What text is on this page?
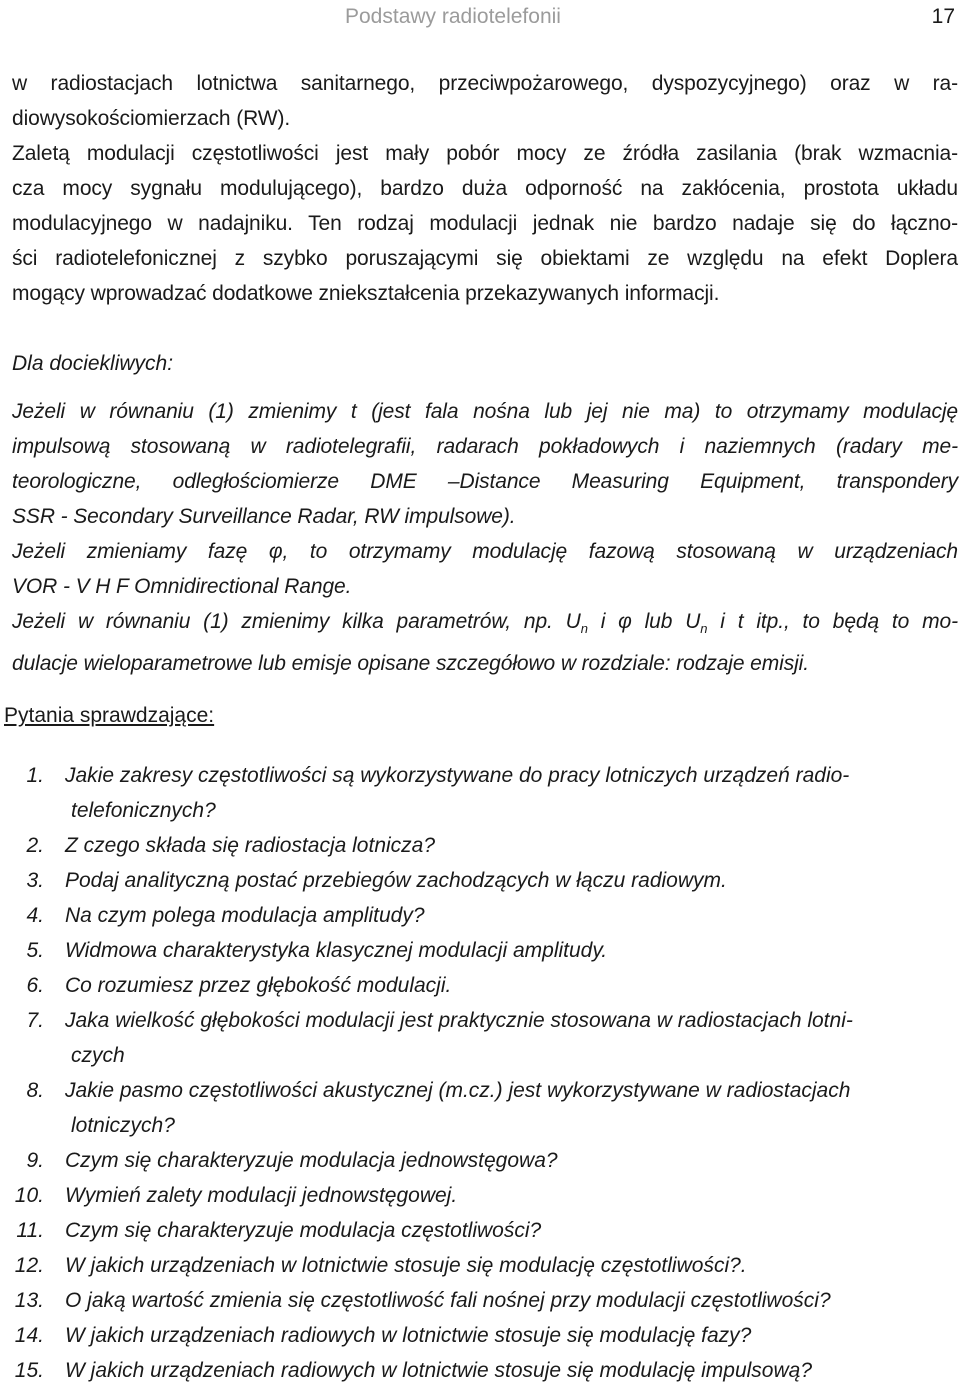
Podstawy radiotelefonii	17
w radiostacjach lotnictwa sanitarnego, przeciwpożarowego, dyspozycyjnego) oraz w ra-
diowysokościomierzach (RW).
Zaletą modulacji częstotliwości jest mały pobór mocy ze źródła zasilania (brak wzmacnia-
cza mocy sygnału modulującego), bardzo duża odporność na zakłócenia, prostota układu
modulacyjnego w nadajniku. Ten rodzaj modulacji jednak nie bardzo nadaje się do łączno-
ści radiotelefonicznej z szybko poruszającymi się obiektami ze względu na efekt Doplera
mogący wprowadzać dodatkowe zniekształcenia przekazywanych informacji.
Dla dociekliwych:
Jeżeli w równaniu (1) zmienimy t (jest fala nośna lub jej nie ma) to otrzymamy modulację
impulsową stosowaną w radiotelegrafii, radarach pokładowych i naziemnych (radary me-
teorologiczne, odległościomierze DME –Distance Measuring Equipment, transpondery
SSR - Secondary Surveillance Radar, RW impulsowe).
Jeżeli zmieniamy fazę φ, to otrzymamy modulację fazową stosowaną w urządzeniach
VOR - V H F Omnidirectional Range.
Jeżeli w równaniu (1) zmienimy kilka parametrów, np. $U_n$ i φ lub $U_n$ i t itp., to będą to mo-
dulacje wieloparametrowe lub emisje opisane szczegółowo w rozdziale: rodzaje emisji.
Pytania sprawdzające:
1. Jakie zakresy częstotliwości są wykorzystywane do pracy lotniczych urządzeń radio-
telefonicznych?
2. Z czego składa się radiostacja lotnicza?
3. Podaj analityczną postać przebiegów zachodzących w łączu radiowym.
4. Na czym polega modulacja amplitudy?
5. Widmowa charakterystyka klasycznej modulacji amplitudy.
6. Co rozumiesz przez głębokość modulacji.
7. Jaka wielkość głębokości modulacji jest praktycznie stosowana w radiostacjach lotni-
czych
8. Jakie pasmo częstotliwości akustycznej (m.cz.) jest wykorzystywane w radiostacjach
lotniczych?
9. Czym się charakteryzuje modulacja jednowstęgowa?
10. Wymień zalety modulacji jednowstęgowej.
11. Czym się charakteryzuje modulacja częstotliwości?
12. W jakich urządzeniach w lotnictwie stosuje się modulację częstotliwości?.
13. O jaką wartość zmienia się częstotliwość fali nośnej przy modulacji częstotliwości?
14. W jakich urządzeniach radiowych w lotnictwie stosuje się modulację fazy?
15. W jakich urządzeniach radiowych w lotnictwie stosuje się modulację impulsową?
